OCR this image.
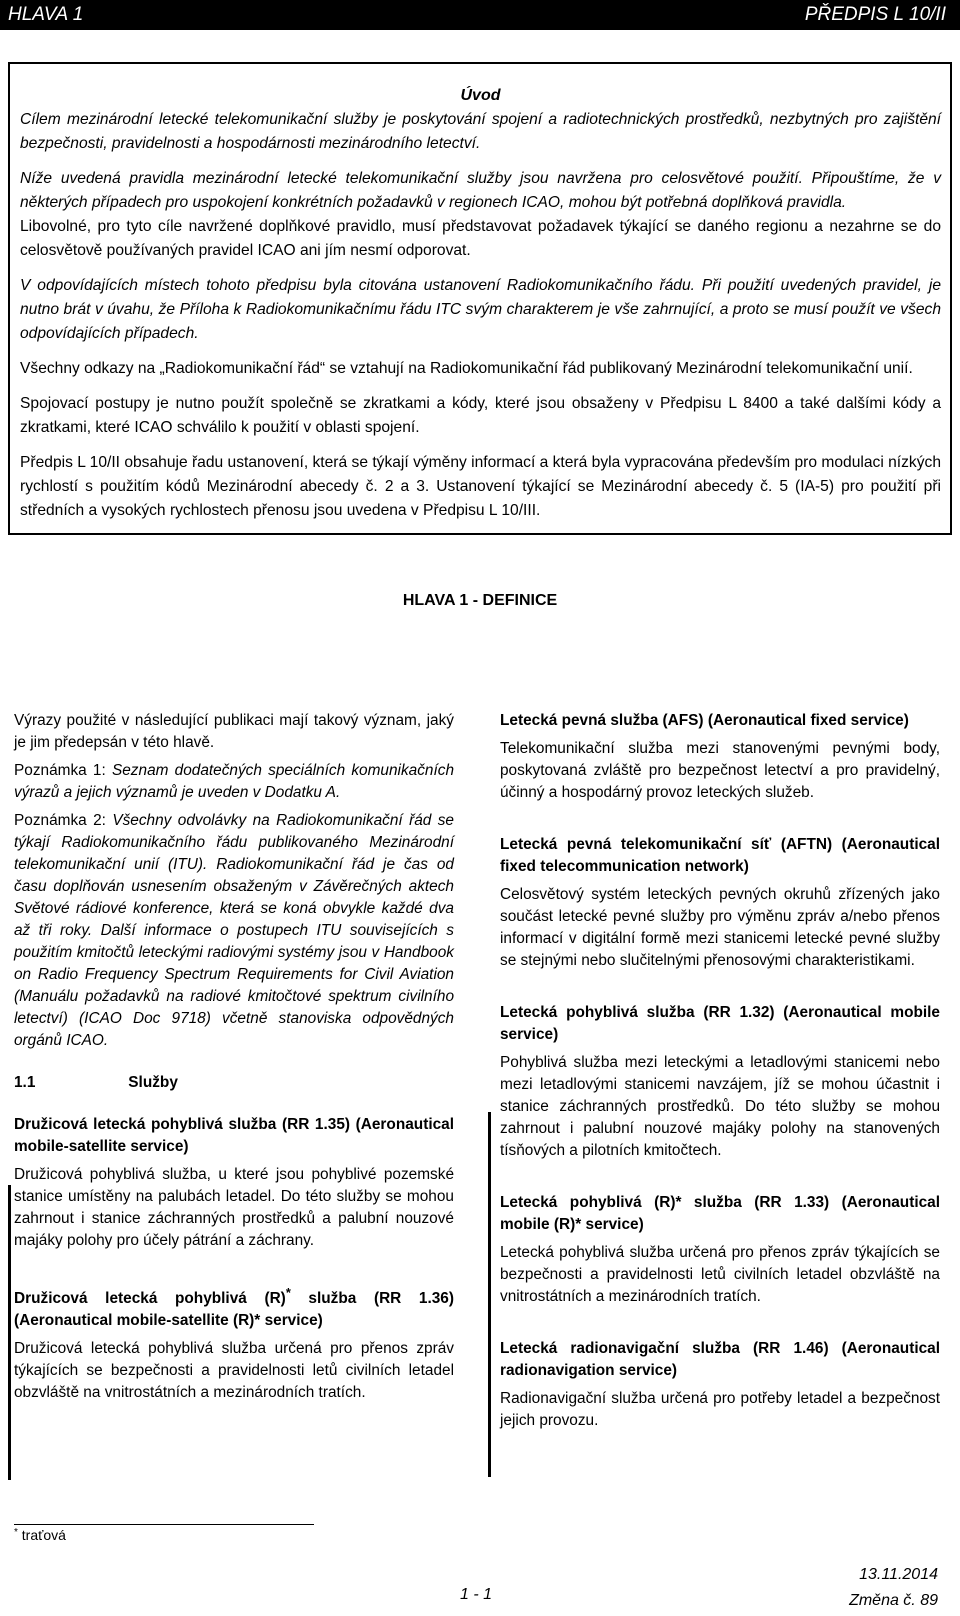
HLAVA 1	PŘEDPIS L 10/II
Úvod

Cílem mezinárodní letecké telekomunikační služby je poskytování spojení a radiotechnických prostředků, nezbytných pro zajištění bezpečnosti, pravidelnosti a hospodárnosti mezinárodního letectví.

Níže uvedená pravidla mezinárodní letecké telekomunikační služby jsou navržena pro celosvětové použití. Připouštíme, že v některých případech pro uspokojení konkrétních požadavků v regionech ICAO, mohou být potřebná doplňková pravidla.

Libovolné, pro tyto cíle navržené doplňkové pravidlo, musí představovat požadavek týkající se daného regionu a nezahrne se do celosvětově používaných pravidel ICAO ani jím nesmí odporovat.

V odpovídajících místech tohoto předpisu byla citována ustanovení Radiokomunikačního řádu. Při použití uvedených pravidel, je nutno brát v úvahu, že Příloha k Radiokomunikačnímu řádu ITC svým charakterem je vše zahrnující, a proto se musí použít ve všech odpovídajících případech.

Všechny odkazy na „Radiokomunikační řád“ se vztahují na Radiokomunikační řád publikovaný Mezinárodní telekomunikační unií.

Spojovací postupy je nutno použít společně se zkratkami a kódy, které jsou obsaženy v Předpisu L 8400 a také dalšími kódy a zkratkami, které ICAO schválilo k použití v oblasti spojení.

Předpis L 10/II obsahuje řadu ustanovení, která se týkají výměny informací a která byla vypracována především pro modulaci nízkých rychlostí s použitím kódů Mezinárodní abecedy č. 2 a 3. Ustanovení týkající se Mezinárodní abecedy č. 5 (IA-5) pro použití při středních a vysokých rychlostech přenosu jsou uvedena v Předpisu L 10/III.

HLAVA 1 - DEFINICE

Výrazy použité v následující publikaci mají takový význam, jaký je jim předepsán v této hlavě.

Poznámka 1: Seznam dodatečných speciálních komunikačních výrazů a jejich významů je uveden v Dodatku A.

Poznámka 2: Všechny odvolávky na Radiokomunikační řád se týkají Radiokomunikačního řádu publikovaného Mezinárodní telekomunikační unií (ITU). Radiokomunikační řád je čas od času doplňován usnesením obsaženým v Závěrečných aktech Světové rádiové konference, která se koná obvykle každé dva až tři roky. Další informace o postupech ITU souvisejících s použitím kmitočtů leteckými radiovými systémy jsou v Handbook on Radio Frequency Spectrum Requirements for Civil Aviation (Manuálu požadavků na radiové kmitočtové spektrum civilního letectví) (ICAO Doc 9718) včetně stanoviska odpovědných orgánů ICAO.

1.1	Služby
Družicová letecká pohyblivá služba (RR 1.35) (Aeronautical mobile-satellite service)

Družicová pohyblivá služba, u které jsou pohyblivé pozemské stanice umístěny na palubách letadel. Do této služby se mohou zahrnout i stanice záchranných prostředků a palubní nouzové majáky polohy pro účely pátrání a záchrany.

Družicová letecká pohyblivá (R)* služba (RR 1.36) (Aeronautical mobile-satellite (R)* service)

Družicová letecká pohyblivá služba určená pro přenos zpráv týkajících se bezpečnosti a pravidelnosti letů civilních letadel obzvláště na vnitrostátních a mezinárodních tratích.

Letecká pevná služba (AFS) (Aeronautical fixed service)

Telekomunikační služba mezi stanovenými pevnými body, poskytovaná zvláště pro bezpečnost letectví a pro pravidelný, účinný a hospodárný provoz leteckých služeb.

Letecká pevná telekomunikační síť (AFTN) (Aeronautical fixed telecommunication network)

Celosvětový systém leteckých pevných okruhů zřízených jako součást letecké pevné služby pro výměnu zpráv a/nebo přenos informací v digitální formě mezi stanicemi letecké pevné služby se stejnými nebo slučitelnými přenosovými charakteristikami.

Letecká pohyblivá služba (RR 1.32) (Aeronautical mobile service)

Pohyblivá služba mezi leteckými a letadlovými stanicemi nebo mezi letadlovými stanicemi navzájem, jíž se mohou účastnit i stanice záchranných prostředků. Do této služby se mohou zahrnout i palubní nouzové majáky polohy na stanovených tísňových a pilotních kmitočtech.

Letecká pohyblivá (R)* služba (RR 1.33) (Aeronautical mobile (R)* service)

Letecká pohyblivá služba určená pro přenos zpráv týkajících se bezpečnosti a pravidelnosti letů civilních letadel obzvláště na vnitrostátních a mezinárodních tratích.

Letecká radionavigační služba (RR 1.46) (Aeronautical radionavigation service)

Radionavigační služba určená pro potřeby letadel a bezpečnost jejich provozu.

* traťová
1 - 1
13.11.2014
Změna č. 89
